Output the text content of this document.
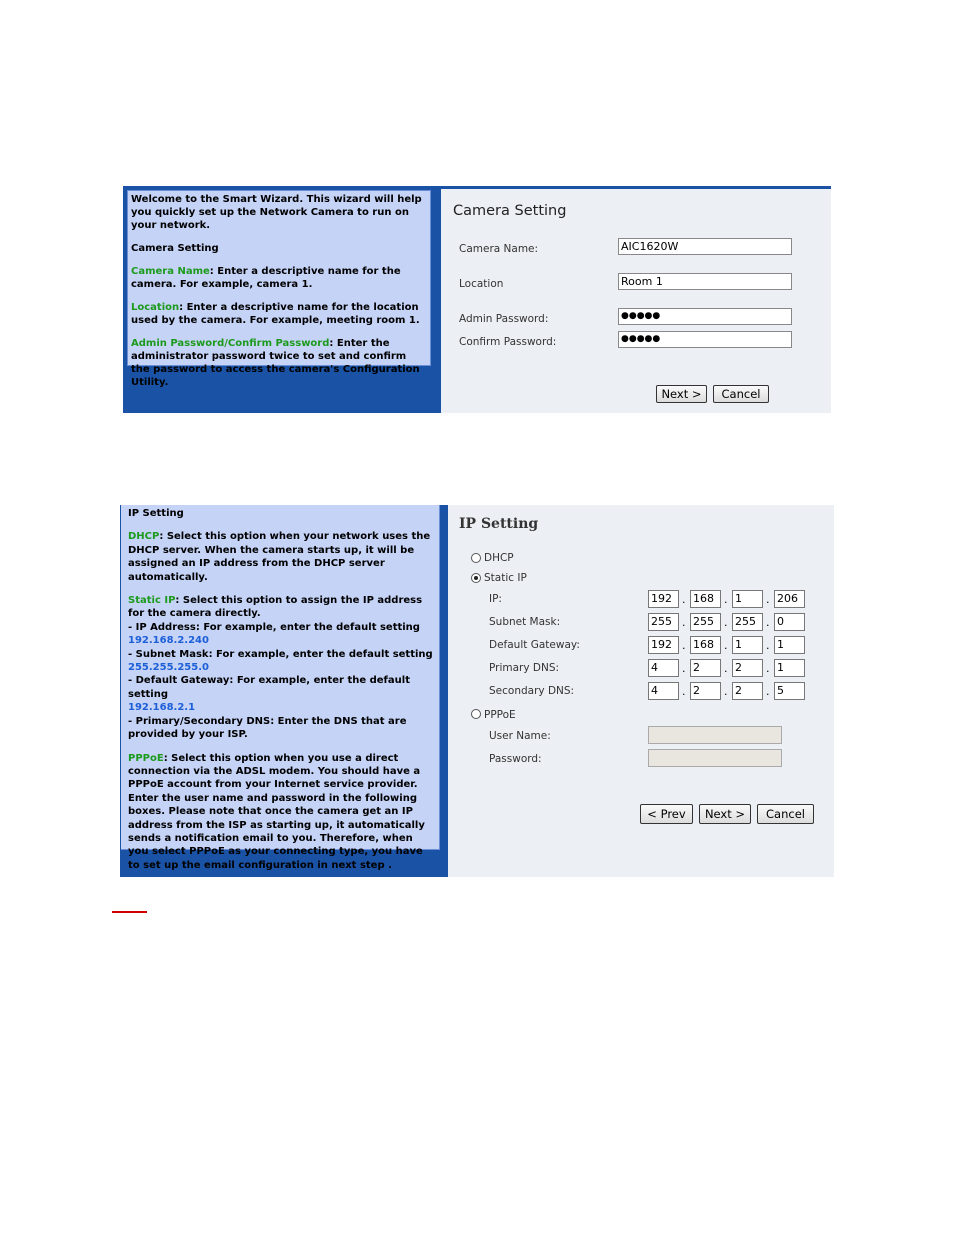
Welcome to the Smart Wizard. This wizard will help you quickly set up the Network Camera to run on your network.

Camera Setting

Camera Name: Enter a descriptive name for the camera. For example, camera 1.

Location: Enter a descriptive name for the location used by the camera. For example, meeting room 1.

Admin Password/Confirm Password: Enter the administrator password twice to set and confirm the password to access the camera's Configuration Utility.

Camera Setting
Camera Name:	AIC1620W
Location	Room 1
Admin Password:	●●●●●
Confirm Password:	●●●●●
Next >	Cancel

IP Setting

DHCP: Select this option when your network uses the DHCP server. When the camera starts up, it will be assigned an IP address from the DHCP server automatically.

Static IP: Select this option to assign the IP address for the camera directly.
- IP Address: For example, enter the default setting
192.168.2.240
- Subnet Mask: For example, enter the default setting
255.255.255.0
- Default Gateway: For example, enter the default setting
192.168.2.1
- Primary/Secondary DNS: Enter the DNS that are provided by your ISP.

PPPoE: Select this option when you use a direct connection via the ADSL modem. You should have a PPPoE account from your Internet service provider. Enter the user name and password in the following boxes. Please note that once the camera get an IP address from the ISP as starting up, it automatically sends a notification email to you. Therefore, when you select PPPoE as your connecting type, you have to set up the email configuration in next step .

IP Setting
DHCP
Static IP
IP:	192 . 168 . 1	. 206
Subnet Mask:	255 . 255 . 255 . 0
Default Gateway:	192 . 168 . 1	. 1
Primary DNS:	4	. 2	. 2	. 1
Secondary DNS:	4	. 2	. 2	. 5
PPPoE
User Name:
Password:
< Prev	Next >	Cancel
